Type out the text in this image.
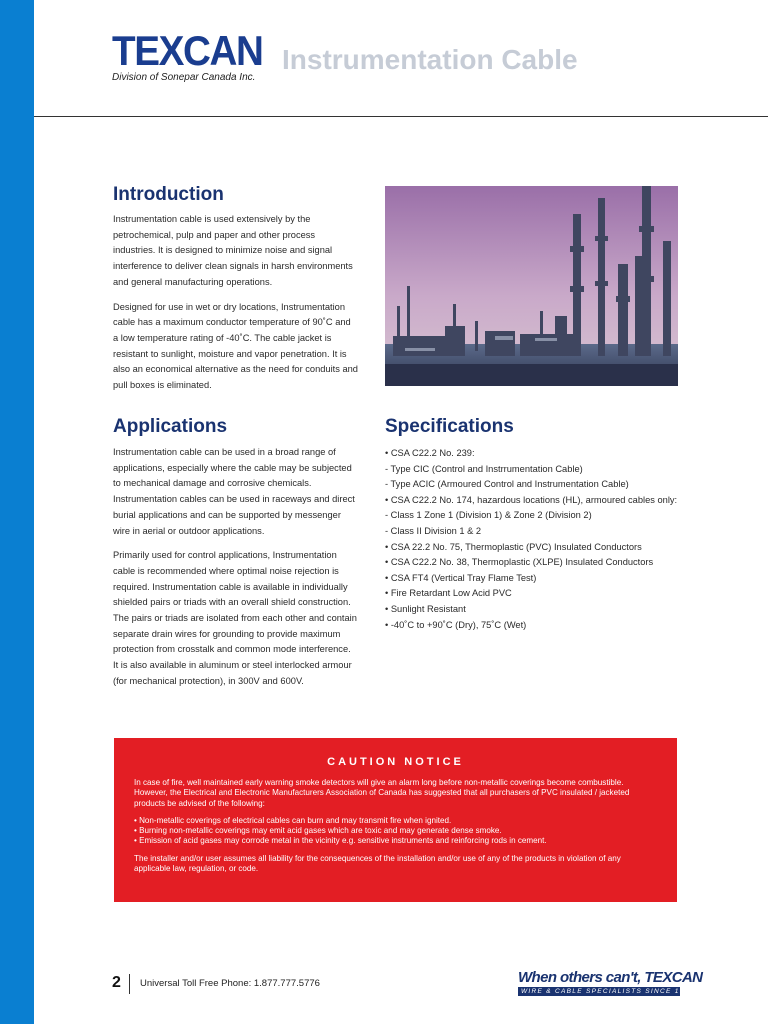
TEXCAN
Division of Sonepar Canada Inc.
Instrumentation Cable
Introduction

Instrumentation cable is used extensively by the petrochemical, pulp and paper and other process industries. It is designed to minimize noise and signal interference to deliver clean signals in harsh environments and general manufacturing operations.

Designed for use in wet or dry locations, Instrumentation cable has a maximum conductor temperature of 90˚C and a low temperature rating of -40˚C. The cable jacket is resistant to sunlight, moisture and vapor penetration. It is also an economical alternative as the need for conduits and pull boxes is eliminated.

Applications

Instrumentation cable can be used in a broad range of applications, especially where the cable may be subjected to mechanical damage and corrosive chemicals. Instrumentation cables can be used in raceways and direct burial applications and can be supported by messenger wire in aerial or outdoor applications.

Primarily used for control applications, Instrumentation cable is recommended where optimal noise rejection is required. Instrumentation cable is available in individually shielded pairs or triads with an overall shield construction. The pairs or triads are isolated from each other and contain separate drain wires for grounding to provide maximum protection from crosstalk and common mode interference. It is also available in aluminum or steel interlocked armour (for mechanical protection), in 300V and 600V.

Specifications
• CSA C22.2 No. 239:
- Type CIC (Control and Instrrumentation Cable)
- Type ACIC (Armoured Control and Instrumentation Cable)
• CSA C22.2 No. 174, hazardous locations (HL), armoured cables only:
- Class 1 Zone 1 (Division 1) & Zone 2 (Division 2)
- Class II Division 1 & 2
• CSA 22.2 No. 75, Thermoplastic (PVC) Insulated Conductors
• CSA C22.2 No. 38, Thermoplastic (XLPE) Insulated Conductors
• CSA FT4 (Vertical Tray Flame Test)
• Fire Retardant Low Acid PVC
• Sunlight Resistant
• -40˚C to +90˚C (Dry), 75˚C (Wet)
CAUTION NOTICE

In case of fire, well maintained early warning smoke detectors will give an alarm long before non-metallic coverings become combustible. However, the Electrical and Electronic Manufacturers Association of Canada has suggested that all purchasers of PVC insulated / jacketed products be advised of the following:

• Non-metallic coverings of electrical cables can burn and may transmit fire when ignited.
• Burning non-metallic coverings may emit acid gases which are toxic and may generate dense smoke.
• Emission of acid gases may corrode metal in the vicinity e.g. sensitive instruments and reinforcing rods in cement.

The installer and/or user assumes all liability for the consequences of the installation and/or use of any of the products in violation of any applicable law, regulation, or code.

2 Universal Toll Free Phone: 1.877.777.5776	When others can't, TEXCAN
WIRE & CABLE SPECIALISTS SINCE 1978
